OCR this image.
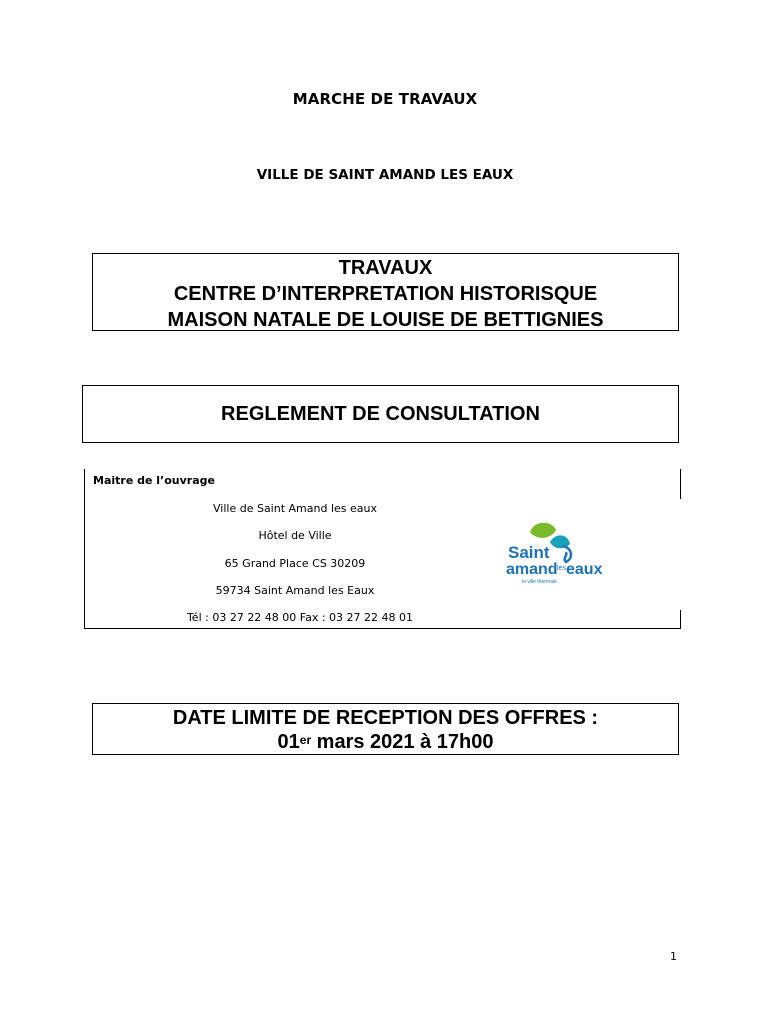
MARCHE DE TRAVAUX
VILLE DE SAINT AMAND LES EAUX
TRAVAUX
CENTRE D’INTERPRETATION HISTORISQUE
MAISON NATALE DE LOUISE DE BETTIGNIES
REGLEMENT DE CONSULTATION
Maitre de l’ouvrage
Ville de Saint Amand les eaux
Hôtel de Ville
65 Grand Place CS 30209
59734 Saint Amand les Eaux
Tél : 03 27 22 48 00 Fax : 03 27 22 48 01
Saint
amand les eaux
la ville thermale
DATE LIMITE DE RECEPTION DES OFFRES :
01er mars 2021 à 17h00
1
